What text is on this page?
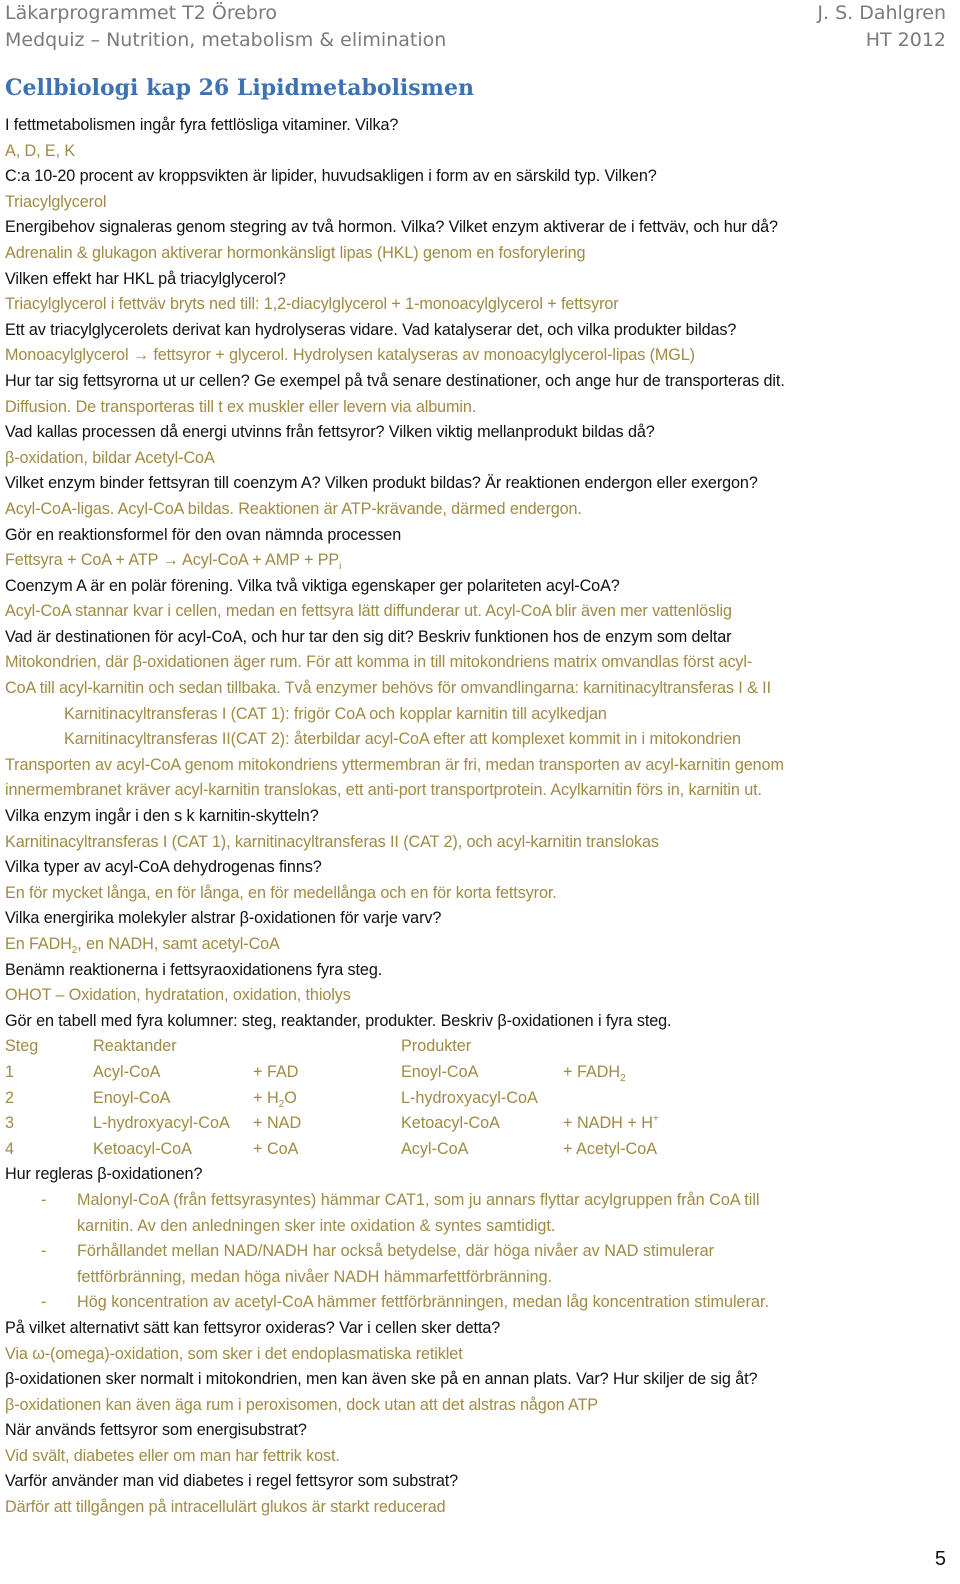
Läkarprogrammet T2 Örebro	J. S. Dahlgren
Medquiz – Nutrition, metabolism & elimination	HT 2012
Cellbiologi kap 26 Lipidmetabolismen
I fettmetabolismen ingår fyra fettlösliga vitaminer. Vilka?
A, D, E, K
C:a 10-20 procent av kroppsvikten är lipider, huvudsakligen i form av en särskild typ. Vilken?
Triacylglycerol
Energibehov signaleras genom stegring av två hormon. Vilka? Vilket enzym aktiverar de i fettväv, och hur då?
Adrenalin & glukagon aktiverar hormonkänsligt lipas (HKL) genom en fosforylering
Vilken effekt har HKL på triacylglycerol?
Triacylglycerol i fettväv bryts ned till: 1,2-diacylglycerol + 1-monoacylglycerol + fettsyror
Ett av triacylglycerolets derivat kan hydrolyseras vidare. Vad katalyserar det, och vilka produkter bildas?
Monoacylglycerol → fettsyror + glycerol. Hydrolysen katalyseras av monoacylglycerol-lipas (MGL)
Hur tar sig fettsyrorna ut ur cellen? Ge exempel på två senare destinationer, och ange hur de transporteras dit.
Diffusion. De transporteras till t ex muskler eller levern via albumin.
Vad kallas processen då energi utvinns från fettsyror? Vilken viktig mellanprodukt bildas då?
β-oxidation, bildar Acetyl-CoA
Vilket enzym binder fettsyran till coenzym A? Vilken produkt bildas? Är reaktionen endergon eller exergon?
Acyl-CoA-ligas. Acyl-CoA bildas. Reaktionen är ATP-krävande, därmed endergon.
Gör en reaktionsformel för den ovan nämnda processen
Fettsyra + CoA + ATP → Acyl-CoA + AMP + $PP_i$
Coenzym A är en polär förening. Vilka två viktiga egenskaper ger polariteten acyl-CoA?
Acyl-CoA stannar kvar i cellen, medan en fettsyra lätt diffunderar ut. Acyl-CoA blir även mer vattenlöslig
Vad är destinationen för acyl-CoA, och hur tar den sig dit? Beskriv funktionen hos de enzym som deltar
Mitokondrien, där β-oxidationen äger rum. För att komma in till mitokondriens matrix omvandlas först acyl-
CoA till acyl-karnitin och sedan tillbaka. Två enzymer behövs för omvandlingarna: karnitinacyltransferas I & II
Karnitinacyltransferas I (CAT 1): frigör CoA och kopplar karnitin till acylkedjan
Karnitinacyltransferas II(CAT 2): återbildar acyl-CoA efter att komplexet kommit in i mitokondrien
Transporten av acyl-CoA genom mitokondriens yttermembran är fri, medan transporten av acyl-karnitin genom
innermembranet kräver acyl-karnitin translokas, ett anti-port transportprotein. Acylkarnitin förs in, karnitin ut.
Vilka enzym ingår i den s k karnitin-skytteln?
Karnitinacyltransferas I (CAT 1), karnitinacyltransferas II (CAT 2), och acyl-karnitin translokas
Vilka typer av acyl-CoA dehydrogenas finns?
En för mycket långa, en för långa, en för medellånga och en för korta fettsyror.
Vilka energirika molekyler alstrar β-oxidationen för varje varv?
En $FADH_2$, en NADH, samt acetyl-CoA
Benämn reaktionerna i fettsyraoxidationens fyra steg.
OHOT – Oxidation, hydratation, oxidation, thiolys
Gör en tabell med fyra kolumner: steg, reaktander, produkter. Beskriv β-oxidationen i fyra steg.
Steg	Reaktander	Produkter
1	Acyl-CoA	+ FAD	Enoyl-CoA	+ $FADH_2$
2	Enoyl-CoA	+ $H_2O$	L-hydroxyacyl-CoA
3	L-hydroxyacyl-CoA	+ NAD	Ketoacyl-CoA	+ NADH + H+
4	Ketoacyl-CoA	+ CoA	Acyl-CoA	+ Acetyl-CoA
Hur regleras β-oxidationen?
-	Malonyl-CoA (från fettsyrasyntes) hämmar CAT1, som ju annars flyttar acylgruppen från CoA till
karnitin. Av den anledningen sker inte oxidation & syntes samtidigt.
-	Förhållandet mellan NAD/NADH har också betydelse, där höga nivåer av NAD stimulerar
fettförbränning, medan höga nivåer NADH hämmarfettförbränning.
-	Hög koncentration av acetyl-CoA hämmer fettförbränningen, medan låg koncentration stimulerar.
På vilket alternativt sätt kan fettsyror oxideras? Var i cellen sker detta?
Via ω-(omega)-oxidation, som sker i det endoplasmatiska retiklet
β-oxidationen sker normalt i mitokondrien, men kan även ske på en annan plats. Var? Hur skiljer de sig åt?
β-oxidationen kan även äga rum i peroxisomen, dock utan att det alstras någon ATP
När används fettsyror som energisubstrat?
Vid svält, diabetes eller om man har fettrik kost.
Varför använder man vid diabetes i regel fettsyror som substrat?
Därför att tillgången på intracellulärt glukos är starkt reducerad
5
